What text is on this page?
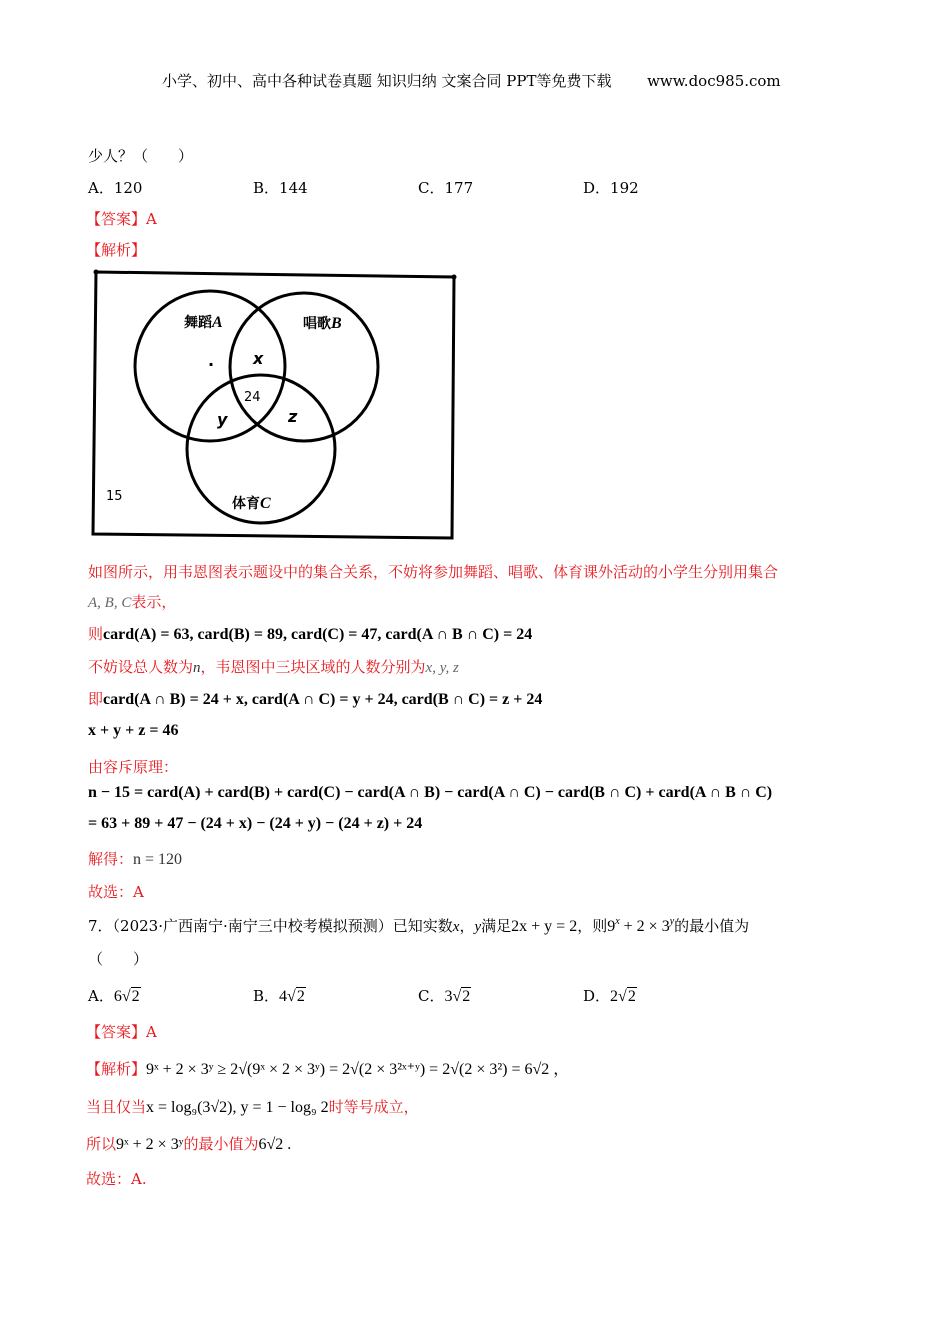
小学、初中、高中各种试卷真题 知识归纳 文案合同 PPT等免费下载 www.doc985.com
少人？（　　）
A．120	B．144	C．177	D．192
【答案】A
【解析】
舞蹈A	唱歌B
体育C
. x
24
y	z
15
如图所示，用韦恩图表示题设中的集合关系，不妨将参加舞蹈、唱歌、体育课外活动的小学生分别用集合
A, B, C表示，
则card(A) = 63, card(B) = 89, card(C) = 47, card(A ∩ B ∩ C) = 24
不妨设总人数为n，韦恩图中三块区域的人数分别为x, y, z
即card(A ∩ B) = 24 + x, card(A ∩ C) = y + 24, card(B ∩ C) = z + 24
x + y + z = 46
由容斥原理：
n − 15 = card(A) + card(B) + card(C) − card(A ∩ B) − card(A ∩ C) − card(B ∩ C) + card(A ∩ B ∩ C)
= 63 + 89 + 47 − (24 + x) − (24 + y) − (24 + z) + 24
解得：n = 120
故选：A
7．（2023·广西南宁·南宁三中校考模拟预测）已知实数x，y满足2x + y = 2，则$9^x + 2 \times 3^y$的最小值为
（　　）
A．6√2	B．4√2	C．3√2	D．2√2
【答案】A
【解析】9ˣ + 2 × 3ʸ ≥ 2√(9ˣ × 2 × 3ʸ) = 2√(2 × 3²ˣ⁺ʸ) = 2√(2 × 3²) = 6√2 ，
当且仅当x = log₉(3√2), y = 1 − log₉ 2时等号成立，
所以9ˣ + 2 × 3ʸ的最小值为6√2 .
故选：A.
